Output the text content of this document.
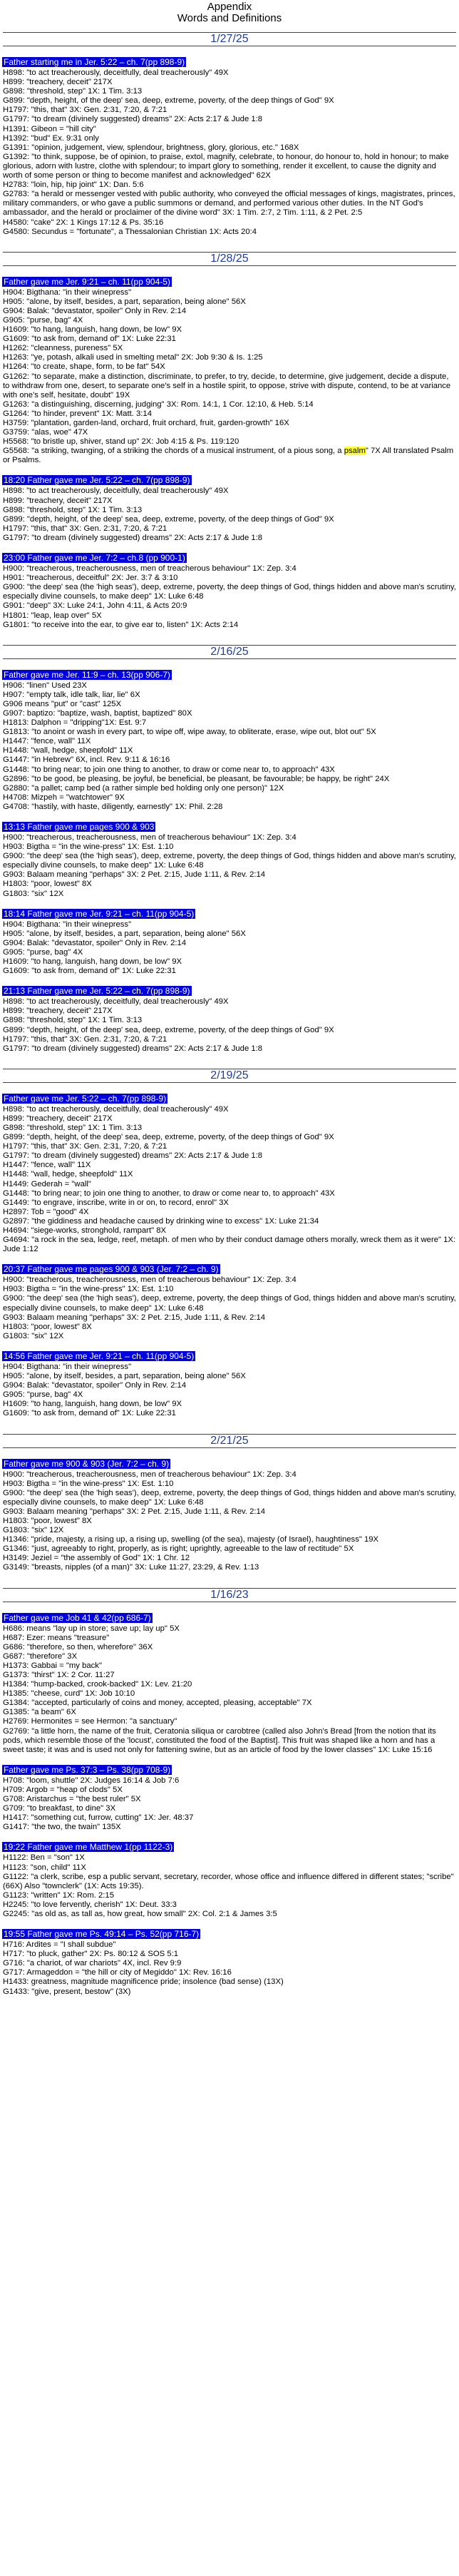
Appendix
Words and Definitions
1/27/25
Father starting me in Jer. 5:22 – ch. 7(pp 898-9)
H898: "to act treacherously, deceitfully, deal treacherously" 49X
H899: "treachery, deceit" 217X
G898: "threshold, step" 1X: 1 Tim. 3:13
G899: "depth, height, of the deep' sea, deep, extreme, poverty, of the deep things of God" 9X
H1797: "this, that" 3X: Gen. 2:31, 7:20, & 7:21
G1797: "to dream (divinely suggested) dreams" 2X: Acts 2:17 & Jude 1:8
H1391: Gibeon = "hill city"
H1392: "bud" Ex. 9:31 only
G1391: "opinion, judgement, view, splendour, brightness, glory, glorious, etc." 168X
G1392: "to think, suppose, be of opinion, to praise, extol, magnify, celebrate, to honour, do honour to, hold in honour; to make glorious, adorn with lustre, clothe with splendour; to impart glory to something, render it excellent, to cause the dignity and worth of some person or thing to become manifest and acknowledged" 62X
H2783: "loin, hip, hip joint" 1X: Dan. 5:6
G2783: "a herald or messenger vested with public authority, who conveyed the official messages of kings, magistrates, princes, military commanders, or who gave a public summons or demand, and performed various other duties. In the NT God's ambassador, and the herald or proclaimer of the divine word" 3X: 1 Tim. 2:7, 2 Tim. 1:11, & 2 Pet. 2:5
H4580: "cake" 2X: 1 Kings 17:12 & Ps. 35:16
G4580: Secundus = "fortunate", a Thessalonian Christian 1X: Acts 20:4
1/28/25
Father gave me Jer. 9:21 – ch. 11(pp 904-5)
H904: Bigthana: "in their winepress"
H905: "alone, by itself, besides, a part, separation, being alone" 56X
G904: Balak: "devastator, spoiler" Only in Rev. 2:14
G905: "purse, bag" 4X
H1609: "to hang, languish, hang down, be low" 9X
G1609: "to ask from, demand of" 1X: Luke 22:31
H1262: "cleanness, pureness" 5X
H1263: "ye, potash, alkali used in smelting metal" 2X: Job 9:30 & Is. 1:25
H1264: "to create, shape, form, to be fat" 54X
G1262: "to separate, make a distinction, discriminate, to prefer, to try, decide, to determine, give judgement, decide a dispute, to withdraw from one, desert, to separate one's self in a hostile spirit, to oppose, strive with dispute, contend, to be at variance with one's self, hesitate, doubt" 19X
G1263: "a distinguishing, discerning, judging" 3X: Rom. 14:1, 1 Cor. 12:10, & Heb. 5:14
G1264: "to hinder, prevent" 1X: Matt. 3:14
H3759: "plantation, garden-land, orchard, fruit orchard, fruit, garden-growth" 16X
G3759: "alas, woe" 47X
H5568: "to bristle up, shiver, stand up" 2X: Job 4:15 & Ps. 119:120
G5568: "a striking, twanging, of a striking the chords of a musical instrument, of a pious song, a psalm" 7X All translated Psalm or Psalms.
18:20 Father gave me Jer. 5:22 – ch. 7(pp 898-9)
H898: "to act treacherously, deceitfully, deal treacherously" 49X
H899: "treachery, deceit" 217X
G898: "threshold, step" 1X: 1 Tim. 3:13
G899: "depth, height, of the deep' sea, deep, extreme, poverty, of the deep things of God" 9X
H1797: "this, that" 3X: Gen. 2:31, 7:20, & 7:21
G1797: "to dream (divinely suggested) dreams" 2X: Acts 2:17 & Jude 1:8
23:00 Father gave me Jer. 7:2 – ch.8 (pp 900-1)
H900: "treacherous, treacherousness, men of treacherous behaviour" 1X: Zep. 3:4
H901: "treacherous, deceitful" 2X: Jer. 3:7 & 3:10
G900: "the deep' sea (the 'high seas'), deep, extreme, poverty, the deep things of God, things hidden and above man's scrutiny, especially divine counsels, to make deep" 1X: Luke 6:48
G901: "deep" 3X: Luke 24:1, John 4:11, & Acts 20:9
H1801: "leap, leap over" 5X
G1801: "to receive into the ear, to give ear to, listen" 1X: Acts 2:14
2/16/25
Father gave me Jer. 11:9 – ch. 13(pp 906-7)
H906: "linen" Used 23X
H907: "empty talk, idle talk, liar, lie" 6X
G906 means "put" or "cast" 125X
G907: baptizo: "baptize, wash, baptist, baptized" 80X
H1813: Dalphon = "dripping"1X: Est. 9:7
G1813: "to anoint or wash in every part, to wipe off, wipe away, to obliterate, erase, wipe out, blot out" 5X
H1447: "fence, wall" 11X
H1448: "wall, hedge, sheepfold" 11X
G1447: "in Hebrew" 6X, incl. Rev. 9:11 & 16:16
G1448: "to bring near; to join one thing to another, to draw or come near to, to approach" 43X
G2896: "to be good, be pleasing, be joyful, be beneficial, be pleasant, be favourable; be happy, be right" 24X
G2880: "a pallet; camp bed (a rather simple bed holding only one person)" 12X
H4708: Mizpeh = "watchtower" 9X
G4708: "hastily, with haste, diligently, earnestly" 1X: Phil. 2:28
13:13 Father gave me pages 900 & 903
H900: "treacherous, treacherousness, men of treacherous behaviour" 1X: Zep. 3:4
H903: Bigtha = "in the wine-press" 1X: Est. 1:10
G900: "the deep' sea (the 'high seas'), deep, extreme, poverty, the deep things of God, things hidden and above man's scrutiny, especially divine counsels, to make deep" 1X: Luke 6:48
G903: Balaam meaning "perhaps" 3X: 2 Pet. 2:15, Jude 1:11, & Rev. 2:14
H1803: "poor, lowest" 8X
G1803: "six" 12X
18:14 Father gave me Jer. 9:21 – ch. 11(pp 904-5)
H904: Bigthana: "in their winepress"
H905: "alone, by itself, besides, a part, separation, being alone" 56X
G904: Balak: "devastator, spoiler" Only in Rev. 2:14
G905: "purse, bag" 4X
H1609: "to hang, languish, hang down, be low" 9X
G1609: "to ask from, demand of" 1X: Luke 22:31
21:13 Father gave me Jer. 5:22 – ch. 7(pp 898-9)
H898: "to act treacherously, deceitfully, deal treacherously" 49X
H899: "treachery, deceit" 217X
G898: "threshold, step" 1X: 1 Tim. 3:13
G899: "depth, height, of the deep' sea, deep, extreme, poverty, of the deep things of God" 9X
H1797: "this, that" 3X: Gen. 2:31, 7:20, & 7:21
G1797: "to dream (divinely suggested) dreams" 2X: Acts 2:17 & Jude 1:8
2/19/25
Father gave me Jer. 5:22 – ch. 7(pp 898-9)
H898: "to act treacherously, deceitfully, deal treacherously" 49X
H899: "treachery, deceit" 217X
G898: "threshold, step" 1X: 1 Tim. 3:13
G899: "depth, height, of the deep' sea, deep, extreme, poverty, of the deep things of God" 9X
H1797: "this, that" 3X: Gen. 2:31, 7:20, & 7:21
G1797: "to dream (divinely suggested) dreams" 2X: Acts 2:17 & Jude 1:8
H1447: "fence, wall" 11X
H1448: "wall, hedge, sheepfold" 11X
H1449: Gederah = "wall"
G1448: "to bring near; to join one thing to another, to draw or come near to, to approach" 43X
G1449: "to engrave, inscribe, write in or on, to record, enrol" 3X
H2897: Tob = "good" 4X
G2897: "the giddiness and headache caused by drinking wine to excess" 1X: Luke 21:34
H4694: "siege-works, stronghold, rampart" 8X
G4694: "a rock in the sea, ledge, reef, metaph. of men who by their conduct damage others morally, wreck them as it were" 1X: Jude 1:12
20:37 Father gave me pages 900 & 903 (Jer. 7:2 – ch. 9)
H900: "treacherous, treacherousness, men of treacherous behaviour" 1X: Zep. 3:4
H903: Bigtha = "in the wine-press" 1X: Est. 1:10
G900: "the deep' sea (the 'high seas'), deep, extreme, poverty, the deep things of God, things hidden and above man's scrutiny, especially divine counsels, to make deep" 1X: Luke 6:48
G903: Balaam meaning "perhaps" 3X: 2 Pet. 2:15, Jude 1:11, & Rev. 2:14
H1803: "poor, lowest" 8X
G1803: "six" 12X
14:56 Father gave me Jer. 9:21 – ch. 11(pp 904-5)
H904: Bigthana: "in their winepress"
H905: "alone, by itself, besides, a part, separation, being alone" 56X
G904: Balak: "devastator, spoiler" Only in Rev. 2:14
G905: "purse, bag" 4X
H1609: "to hang, languish, hang down, be low" 9X
G1609: "to ask from, demand of" 1X: Luke 22:31
2/21/25
Father gave me 900 & 903 (Jer. 7:2 – ch. 9)
H900: "treacherous, treacherousness, men of treacherous behaviour" 1X: Zep. 3:4
H903: Bigtha = "in the wine-press" 1X: Est. 1:10
G900: "the deep' sea (the 'high seas'), deep, extreme, poverty, the deep things of God, things hidden and above man's scrutiny, especially divine counsels, to make deep" 1X: Luke 6:48
G903: Balaam meaning "perhaps" 3X: 2 Pet. 2:15, Jude 1:11, & Rev. 2:14
H1803: "poor, lowest" 8X
G1803: "six" 12X
H1346: "pride, majesty, a rising up, a rising up, swelling (of the sea), majesty (of Israel), haughtiness" 19X
G1346: "just, agreeably to right, properly, as is right; uprightly, agreeable to the law of rectitude" 5X
H3149: Jeziel = "the assembly of God" 1X: 1 Chr. 12
G3149: "breasts, nipples (of a man)" 3X: Luke 11:27, 23:29, & Rev. 1:13
1/16/23
Father gave me Job 41 & 42(pp 686-7)
H686: means "lay up in store; save up; lay up" 5X
H687: Ezer: means "treasure"
G686: "therefore, so then, wherefore" 36X
G687: "therefore" 3X
H1373: Gabbai = "my back"
G1373: "thirst" 1X: 2 Cor. 11:27
H1384: "hump-backed, crook-backed" 1X: Lev. 21:20
H1385: "cheese, curd" 1X: Job 10:10
G1384: "accepted, particularly of coins and money, accepted, pleasing, acceptable" 7X
G1385: "a beam" 6X
H2769: Hermonites = see Hermon: "a sanctuary"
G2769: "a little horn, the name of the fruit, Ceratonia siliqua or carobtree (called also John's Bread [from the notion that its pods, which resemble those of the 'locust', constituted the food of the Baptist]. This fruit was shaped like a horn and has a sweet taste; it was and is used not only for fattening swine, but as an article of food by the lower classes" 1X: Luke 15:16
Father gave me Ps. 37:3 – Ps. 38(pp 708-9)
H708: "loom, shuttle" 2X: Judges 16:14 & Job 7:6
H709: Argob = "heap of clods" 5X
G708: Aristarchus = "the best ruler" 5X
G709: "to breakfast, to dine" 3X
H1417: "something cut, furrow, cutting" 1X: Jer. 48:37
G1417: "the two, the twain" 135X
19:22 Father gave me Matthew 1(pp 1122-3)
H1122: Ben = "son" 1X
H1123: "son, child" 11X
G1122: "a clerk, scribe, esp a public servant, secretary, recorder, whose office and influence differed in different states; "scribe" (66X) Also "townclerk" (1X: Acts 19:35).
G1123: "written" 1X: Rom. 2:15
H2245: "to love fervently, cherish" 1X: Deut. 33:3
G2245: "as old as, as tall as, how great, how small" 2X: Col. 2:1 & James 3:5
19:55 Father gave me Ps. 49:14 – Ps. 52(pp 716-7)
H716: Ardites = "I shall subdue"
H717: "to pluck, gather" 2X: Ps. 80:12 & SOS 5:1
G716: "a chariot, of war chariots" 4X, incl. Rev 9:9
G717: Armageddon = "the hill or city of Megiddo" 1X: Rev. 16:16
H1433: greatness, magnitude magnificence pride; insolence (bad sense) (13X)
G1433: "give, present, bestow" (3X)
